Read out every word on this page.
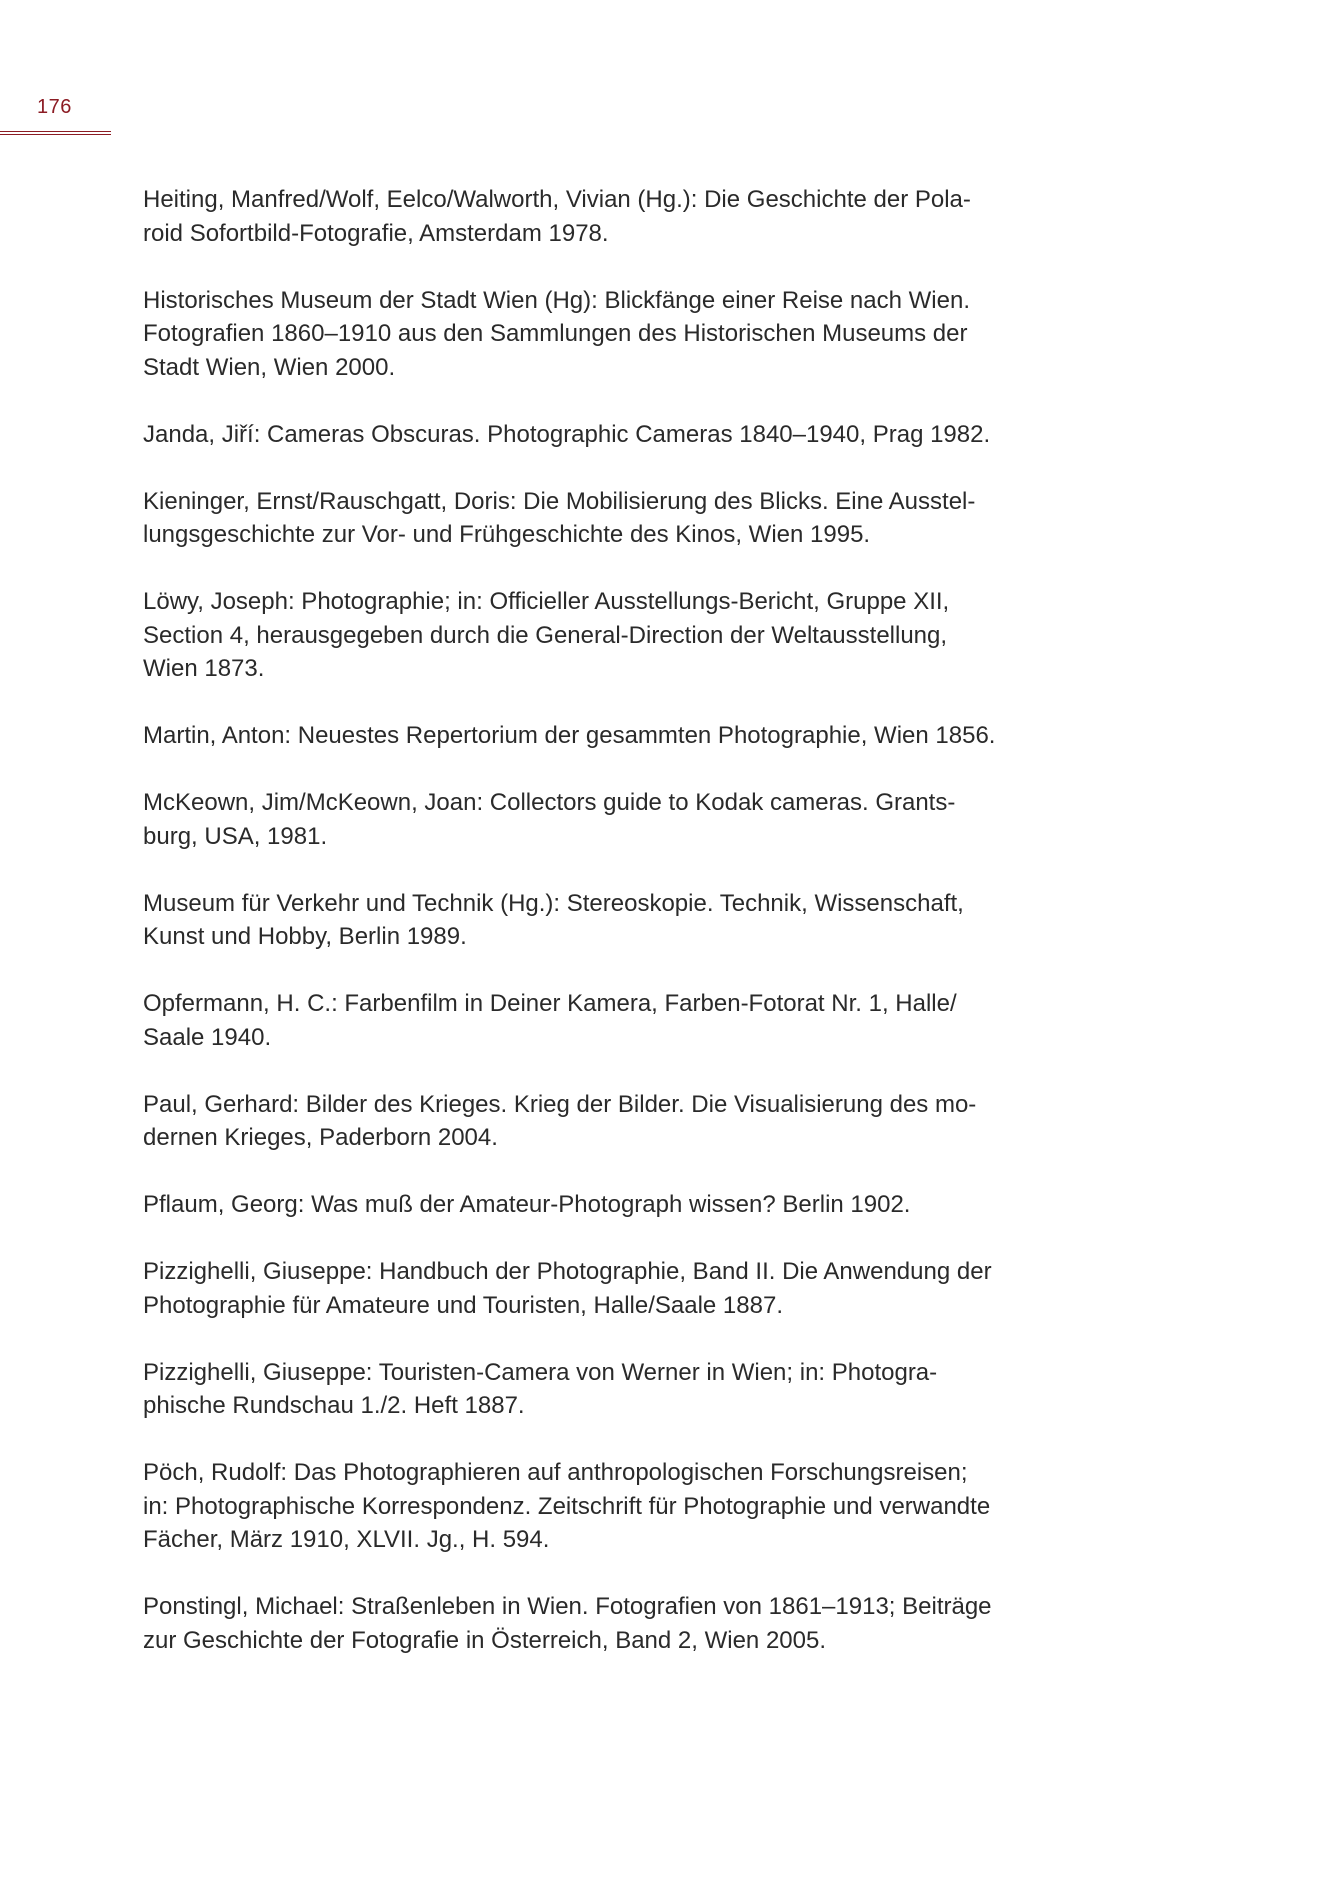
176
Heiting, Manfred/Wolf, Eelco/Walworth, Vivian (Hg.): Die Geschichte der Pola-
roid Sofortbild-Fotografie, Amsterdam 1978.
Historisches Museum der Stadt Wien (Hg): Blickfänge einer Reise nach Wien.
Fotografien 1860–1910 aus den Sammlungen des Historischen Museums der
Stadt Wien, Wien 2000.
Janda, Jiří: Cameras Obscuras. Photographic Cameras 1840–1940, Prag 1982.
Kieninger, Ernst/Rauschgatt, Doris: Die Mobilisierung des Blicks. Eine Ausstel-
lungsgeschichte zur Vor- und Frühgeschichte des Kinos, Wien 1995.
Löwy, Joseph: Photographie; in: Officieller Ausstellungs-Bericht, Gruppe XII,
Section 4, herausgegeben durch die General-Direction der Weltausstellung,
Wien 1873.
Martin, Anton: Neuestes Repertorium der gesammten Photographie, Wien 1856.
McKeown, Jim/McKeown, Joan: Collectors guide to Kodak cameras. Grants-
burg, USA, 1981.
Museum für Verkehr und Technik (Hg.): Stereoskopie. Technik, Wissenschaft,
Kunst und Hobby, Berlin 1989.
Opfermann, H. C.: Farbenfilm in Deiner Kamera, Farben-Fotorat Nr. 1, Halle/
Saale 1940.
Paul, Gerhard: Bilder des Krieges. Krieg der Bilder. Die Visualisierung des mo-
dernen Krieges, Paderborn 2004.
Pflaum, Georg: Was muß der Amateur-Photograph wissen? Berlin 1902.
Pizzighelli, Giuseppe: Handbuch der Photographie, Band II. Die Anwendung der
Photographie für Amateure und Touristen, Halle/Saale 1887.
Pizzighelli, Giuseppe: Touristen-Camera von Werner in Wien; in: Photogra-
phische Rundschau 1./2. Heft 1887.
Pöch, Rudolf: Das Photographieren auf anthropologischen Forschungsreisen;
in: Photographische Korrespondenz. Zeitschrift für Photographie und verwandte
Fächer, März 1910, XLVII. Jg., H. 594.
Ponstingl, Michael: Straßenleben in Wien. Fotografien von 1861–1913; Beiträge
zur Geschichte der Fotografie in Österreich, Band 2, Wien 2005.
